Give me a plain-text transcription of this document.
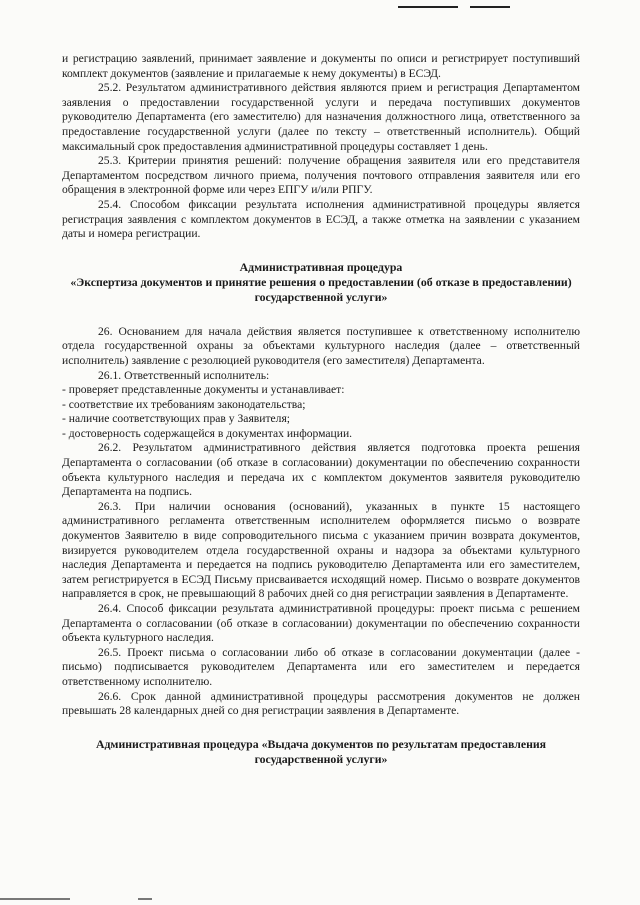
и регистрацию заявлений, принимает заявление и документы по описи и регистрирует поступивший комплект документов (заявление и прилагаемые к нему документы) в ЕСЭД.

25.2. Результатом административного действия являются прием и регистрация Департаментом заявления о предоставлении государственной услуги и передача поступивших документов руководителю Департамента (его заместителю) для назначения должностного лица, ответственного за предоставление государственной услуги (далее по тексту – ответственный исполнитель). Общий максимальный срок предоставления административной процедуры составляет 1 день.

25.3. Критерии принятия решений: получение обращения заявителя или его представителя Департаментом посредством личного приема, получения почтового отправления заявителя или его обращения в электронной форме или через ЕПГУ и/или РПГУ.

25.4. Способом фиксации результата исполнения административной процедуры является регистрация заявления с комплектом документов в ЕСЭД, а также отметка на заявлении с указанием даты и номера регистрации.

Административная процедура
«Экспертиза документов и принятие решения о предоставлении (об отказе в предоставлении) государственной услуги»

26. Основанием для начала действия является поступившее к ответственному исполнителю отдела государственной охраны за объектами культурного наследия (далее – ответственный исполнитель) заявление с резолюцией руководителя (его заместителя) Департамента.

26.1. Ответственный исполнитель:

- проверяет представленные документы и устанавливает:

- соответствие их требованиям законодательства;

- наличие соответствующих прав у Заявителя;

- достоверность содержащейся в документах информации.

26.2. Результатом административного действия является подготовка проекта решения Департамента о согласовании (об отказе в согласовании) документации по обеспечению сохранности объекта культурного наследия и передача их с комплектом документов заявителя руководителю Департамента на подпись.

26.3. При наличии основания (оснований), указанных в пункте 15 настоящего административного регламента ответственным исполнителем оформляется письмо о возврате документов Заявителю в виде сопроводительного письма с указанием причин возврата документов, визируется руководителем отдела государственной охраны и надзора за объектами культурного наследия Департамента и передается на подпись руководителю Департамента или его заместителем, затем регистрируется в ЕСЭД Письму присваивается исходящий номер. Письмо о возврате документов направляется в срок, не превышающий 8 рабочих дней со дня регистрации заявления в Департаменте.

26.4. Способ фиксации результата административной процедуры: проект письма с решением Департамента о согласовании (об отказе в согласовании) документации по обеспечению сохранности объекта культурного наследия.

26.5. Проект письма о согласовании либо об отказе в согласовании документации (далее - письмо) подписывается руководителем Департамента или его заместителем и передается ответственному исполнителю.

26.6. Срок данной административной процедуры рассмотрения документов не должен превышать 28 календарных дней со дня регистрации заявления в Департаменте.

Административная процедура «Выдача документов по результатам предоставления государственной услуги»
